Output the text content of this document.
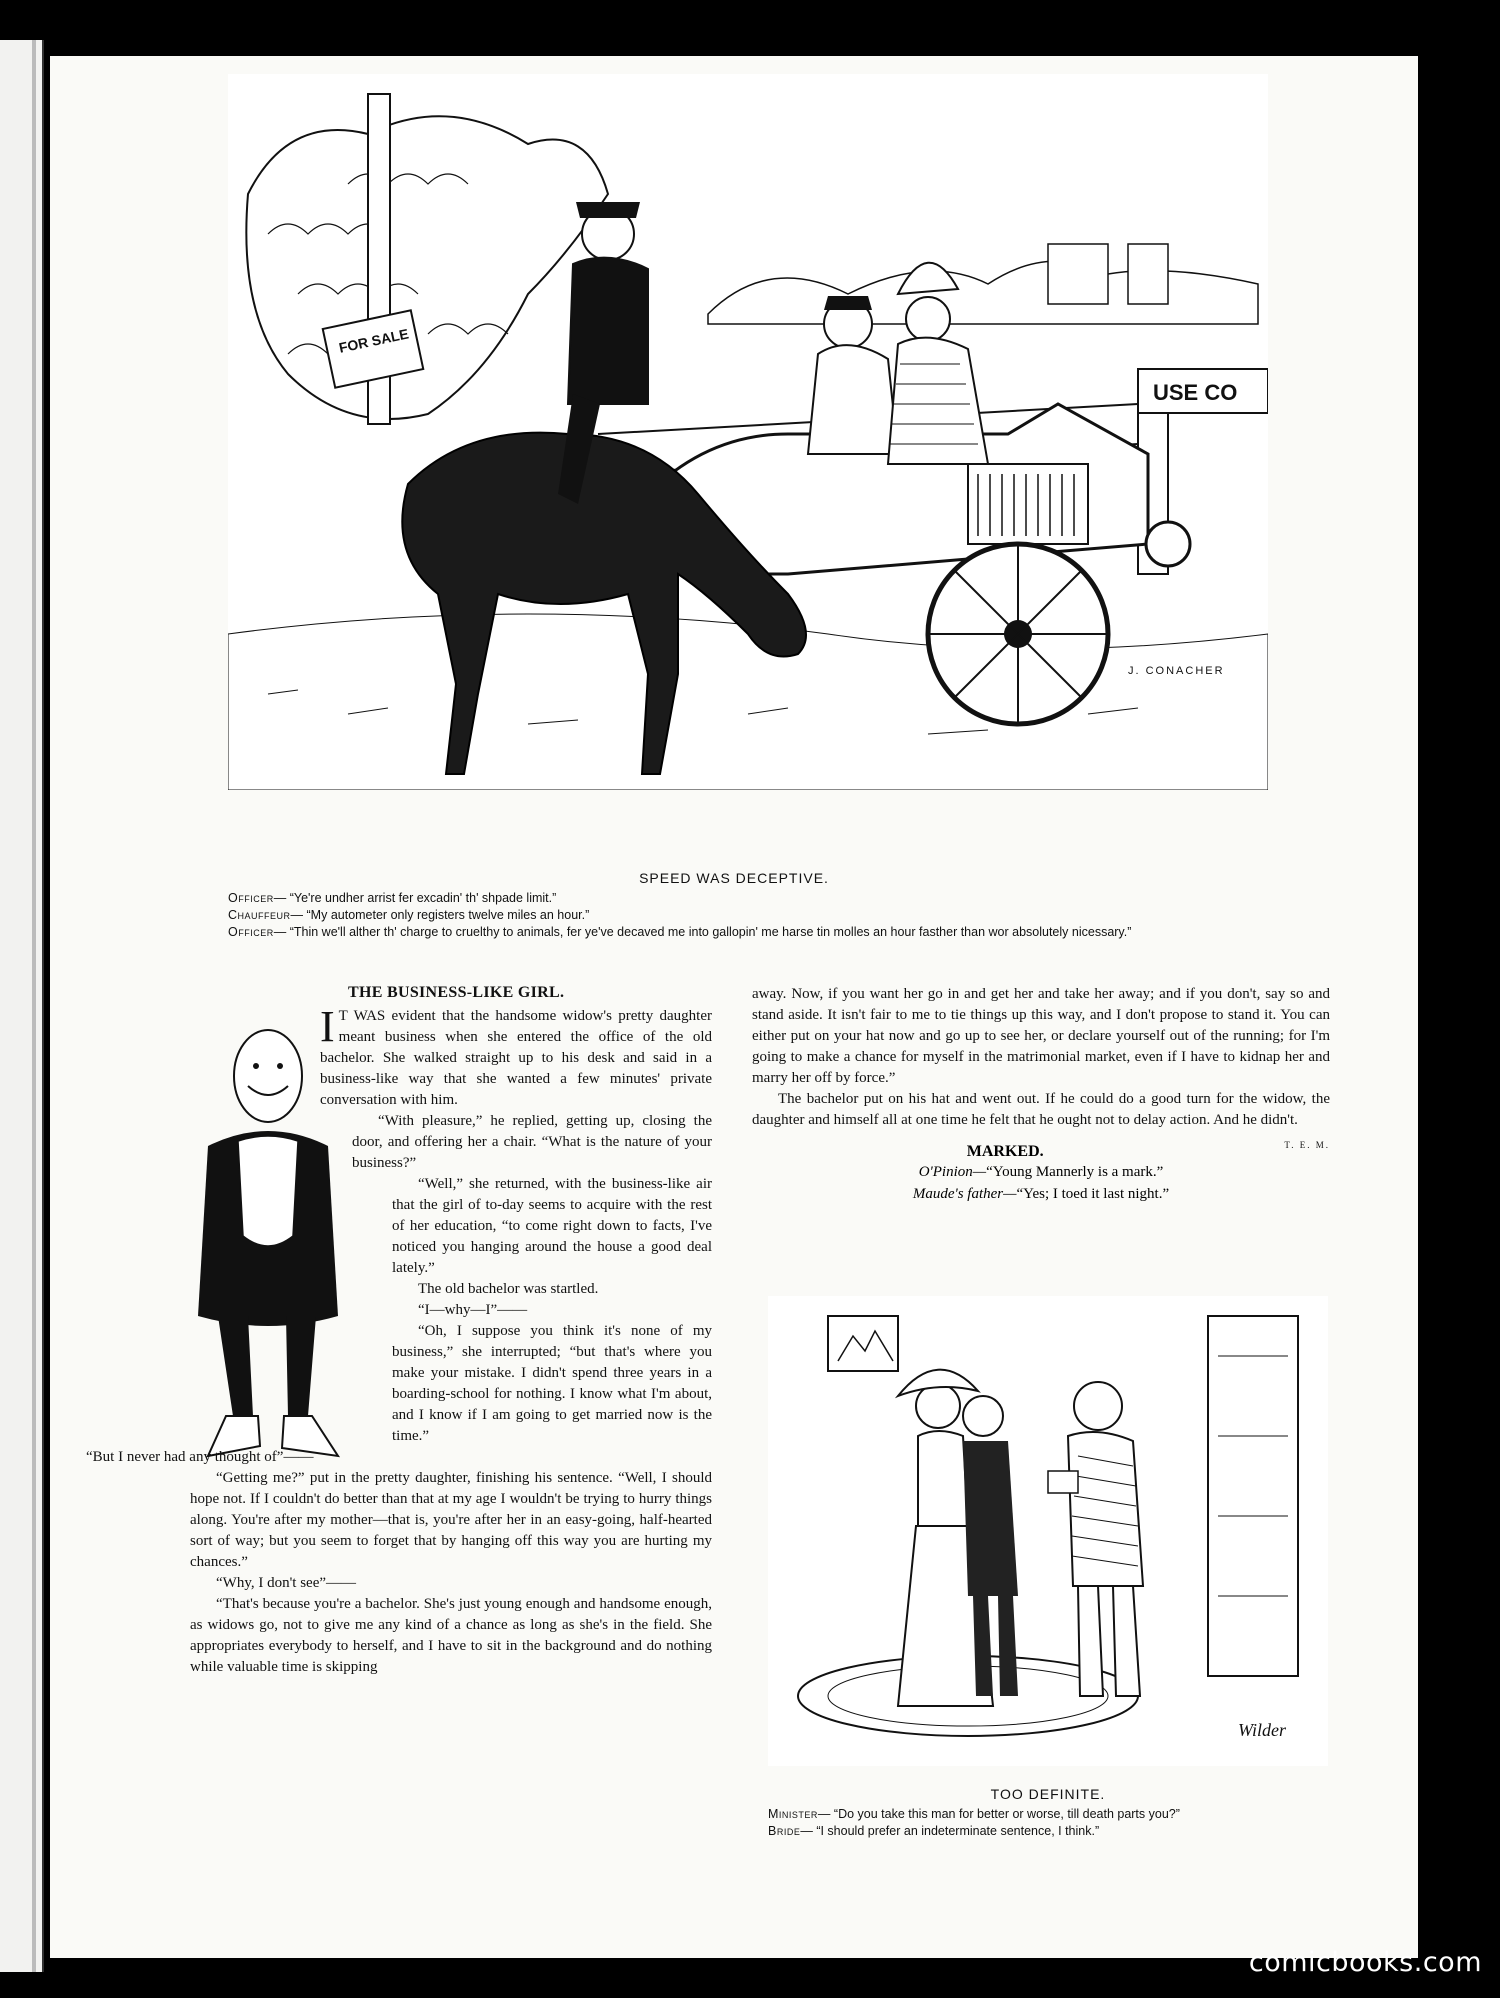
FOR SALE
USE CO
J. CONACHER
SPEED WAS DECEPTIVE.

Officer— “Ye're undher arrist fer excadin' th' shpade limit.”

Chauffeur— “My autometer only registers twelve miles an hour.”

Officer— “Thin we'll alther th' charge to cruelthy to animals, fer ye've decaved me into gallopin' me harse tin molles an hour fasther than wor absolutely nicessary.”

THE BUSINESS-LIKE GIRL.

I T WAS evident that the handsome widow's pretty daughter meant business when she entered the office of the old bachelor. She walked straight up to his desk and said in a business-like way that she wanted a few minutes' private conversation with him.

“With pleasure,” he replied, getting up, closing the door, and offering her a chair. “What is the nature of your business?”

“Well,” she returned, with the business-like air that the girl of to-day seems to acquire with the rest of her education, “to come right down to facts, I've noticed you hanging around the house a good deal lately.”

The old bachelor was startled.

“I—why—I”——

“Oh, I suppose you think it's none of my business,” she interrupted; “but that's where you make your mistake. I didn't spend three years in a boarding-school for nothing. I know what I'm about, and I know if I am going to get married now is the time.”

“But I never had any thought of”——

“Getting me?” put in the pretty daughter, finishing his sentence. “Well, I should hope not. If I couldn't do better than that at my age I wouldn't be trying to hurry things along. You're after my mother—that is, you're after her in an easy-going, half-hearted sort of way; but you seem to forget that by hanging off this way you are hurting my chances.”

“Why, I don't see”——

“That's because you're a bachelor. She's just young enough and handsome enough, as widows go, not to give me any kind of a chance as long as she's in the field. She appropriates everybody to herself, and I have to sit in the background and do nothing while valuable time is skipping

away. Now, if you want her go in and get her and take her away; and if you don't, say so and stand aside. It isn't fair to me to tie things up this way, and I don't propose to stand it. You can either put on your hat now and go up to see her, or declare yourself out of the running; for I'm going to make a chance for myself in the matrimonial market, even if I have to kidnap her and marry her off by force.”

The bachelor put on his hat and went out. If he could do a good turn for the widow, the daughter and himself all at one time he felt that he ought not to delay action. And he didn't.
T. E. M.

MARKED.

O'Pinion—“Young Mannerly is a mark.”

Maude's father—“Yes; I toed it last night.”

Wilder
TOO DEFINITE.

Minister— “Do you take this man for better or worse, till death parts you?”

Bride— “I should prefer an indeterminate sentence, I think.”

comicbooks.com
